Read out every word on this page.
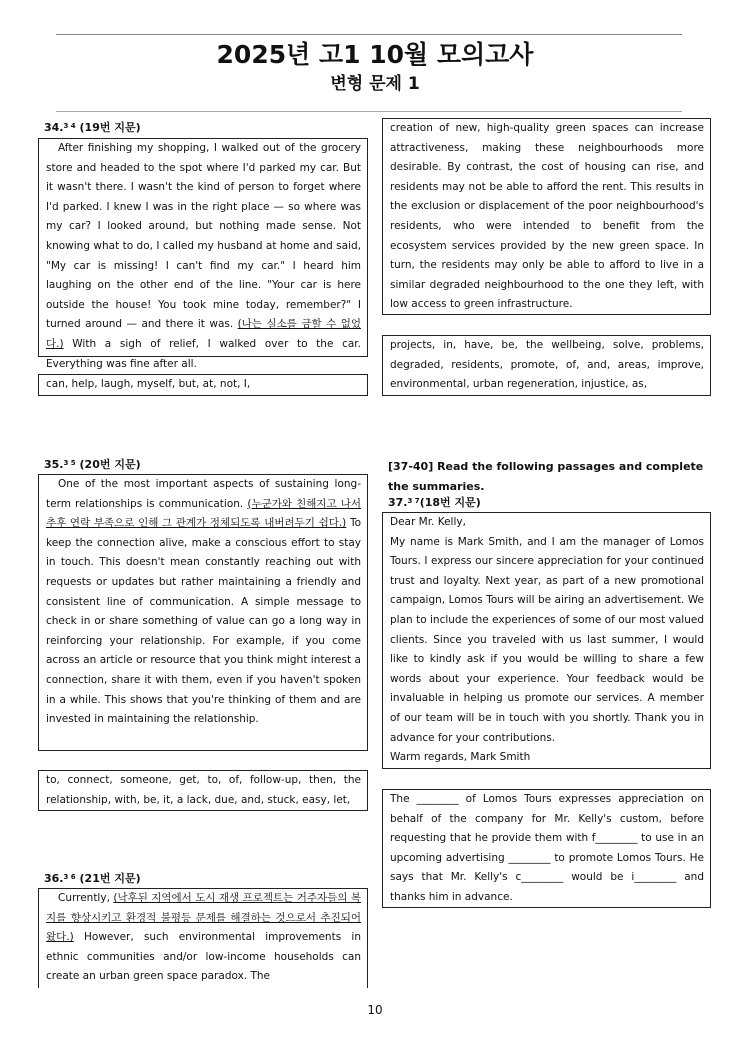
2025년 고1 10월 모의고사
변형 문제 1
34.$^{3 4}$ (19번 지문)

After finishing my shopping, I walked out of the grocery store and headed to the spot where I'd parked my car. But it wasn't there. I wasn't the kind of person to forget where I'd parked. I knew I was in the right place — so where was my car? I looked around, but nothing made sense. Not knowing what to do, I called my husband at home and said, "My car is missing! I can't find my car." I heard him laughing on the other end of the line. "Your car is here outside the house! You took mine today, remember?" I turned around — and there it was. (나는 실소를 금할 수 없었다.) With a sigh of relief, I walked over to the car. Everything was fine after all.

can, help, laugh, myself, but, at, not, I,

creation of new, high-quality green spaces can increase attractiveness, making these neighbourhoods more desirable. By contrast, the cost of housing can rise, and residents may not be able to afford the rent. This results in the exclusion or displacement of the poor neighbourhood's residents, who were intended to benefit from the ecosystem services provided by the new green space. In turn, the residents may only be able to afford to live in a similar degraded neighbourhood to the one they left, with low access to green infrastructure.

projects, in, have, be, the wellbeing, solve, problems, degraded, residents, promote, of, and, areas, improve, environmental, urban regeneration, injustice, as,

35.$^{3 5}$ (20번 지문)

One of the most important aspects of sustaining long-term relationships is communication. (누군가와 친해지고 나서 추후 연락 부족으로 인해 그 관계가 정체되도록 내버려두기 쉽다.) To keep the connection alive, make a conscious effort to stay in touch. This doesn't mean constantly reaching out with requests or updates but rather maintaining a friendly and consistent line of communication. A simple message to check in or share something of value can go a long way in reinforcing your relationship. For example, if you come across an article or resource that you think might interest a connection, share it with them, even if you haven't spoken in a while. This shows that you're thinking of them and are invested in maintaining the relationship.

to, connect, someone, get, to, of, follow-up, then, the relationship, with, be, it, a lack, due, and, stuck, easy, let,

36.$^{3 6}$ (21번 지문)

Currently, (낙후된 지역에서 도시 재생 프로젝트는 거주자들의 복지를 향상시키고 환경적 불평등 문제를 해결하는 것으로서 추진되어 왔다.) However, such environmental improvements in ethnic communities and/or low-income households can create an urban green space paradox. The

[37-40] Read the following passages and complete the summaries.
37.$^{3 7}$(18번 지문)

Dear Mr. Kelly,
My name is Mark Smith, and I am the manager of Lomos Tours. I express our sincere appreciation for your continued trust and loyalty. Next year, as part of a new promotional campaign, Lomos Tours will be airing an advertisement. We plan to include the experiences of some of our most valued clients. Since you traveled with us last summer, I would like to kindly ask if you would be willing to share a few words about your experience. Your feedback would be invaluable in helping us promote our services. A member of our team will be in touch with you shortly. Thank you in advance for your contributions.
Warm regards, Mark Smith

The ________ of Lomos Tours expresses appreciation on behalf of the company for Mr. Kelly's custom, before requesting that he provide them with f________ to use in an upcoming advertising ________ to promote Lomos Tours. He says that Mr. Kelly's c________ would be i________ and thanks him in advance.

10
